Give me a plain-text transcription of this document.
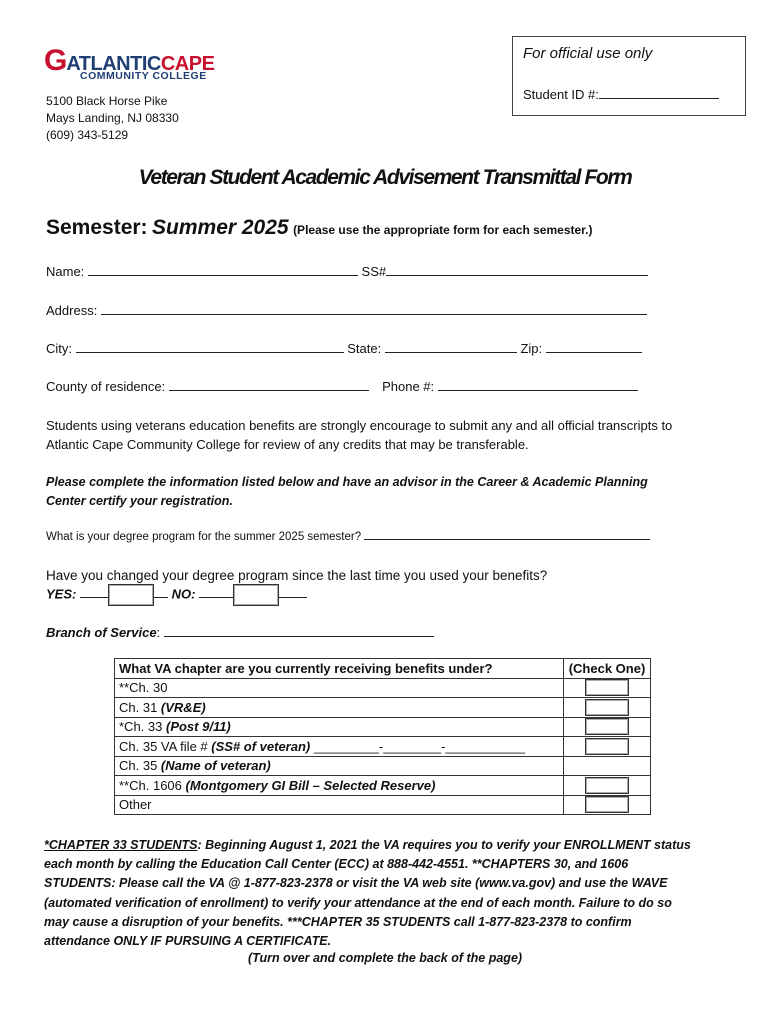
GATLANTICCAPE
COMMUNITY COLLEGE
5100 Black Horse Pike
Mays Landing, NJ 08330
(609) 343-5129
For official use only
Student ID #:
Veteran Student Academic Advisement Transmittal Form
Semester: Summer 2025 (Please use the appropriate form for each semester.)
Name:	SS#
Address:
City:	State:	Zip:
County of residence:	Phone #:
Students using veterans education benefits are strongly encourage to submit any and all official transcripts to
Atlantic Cape Community College for review of any credits that may be transferable.
Please complete the information listed below and have an advisor in the Career & Academic Planning
Center certify your registration.
What is your degree program for the summer 2025 semester?
Have you changed your degree program since the last time you used your benefits?
YES:	NO:
Branch of Service:
What VA chapter are you currently receiving benefits under?	(Check One)
**Ch. 30	

Ch. 31 (VR&E)	

*Ch. 33 (Post 9/11)	

Ch. 35 VA file # (SS# of veteran) _________-________-___________	

Ch. 35 (Name of veteran)	
**Ch. 1606 (Montgomery GI Bill – Selected Reserve)	

Other	
*CHAPTER 33 STUDENTS: Beginning August 1, 2021 the VA requires you to verify your ENROLLMENT status
each month by calling the Education Call Center (ECC) at 888-442-4551. **CHAPTERS 30, and 1606
STUDENTS: Please call the VA @ 1-877-823-2378 or visit the VA web site (www.va.gov) and use the WAVE
(automated verification of enrollment) to verify your attendance at the end of each month. Failure to do so
may cause a disruption of your benefits. ***CHAPTER 35 STUDENTS call 1-877-823-2378 to confirm
attendance ONLY IF PURSUING A CERTIFICATE.
(Turn over and complete the back of the page)
